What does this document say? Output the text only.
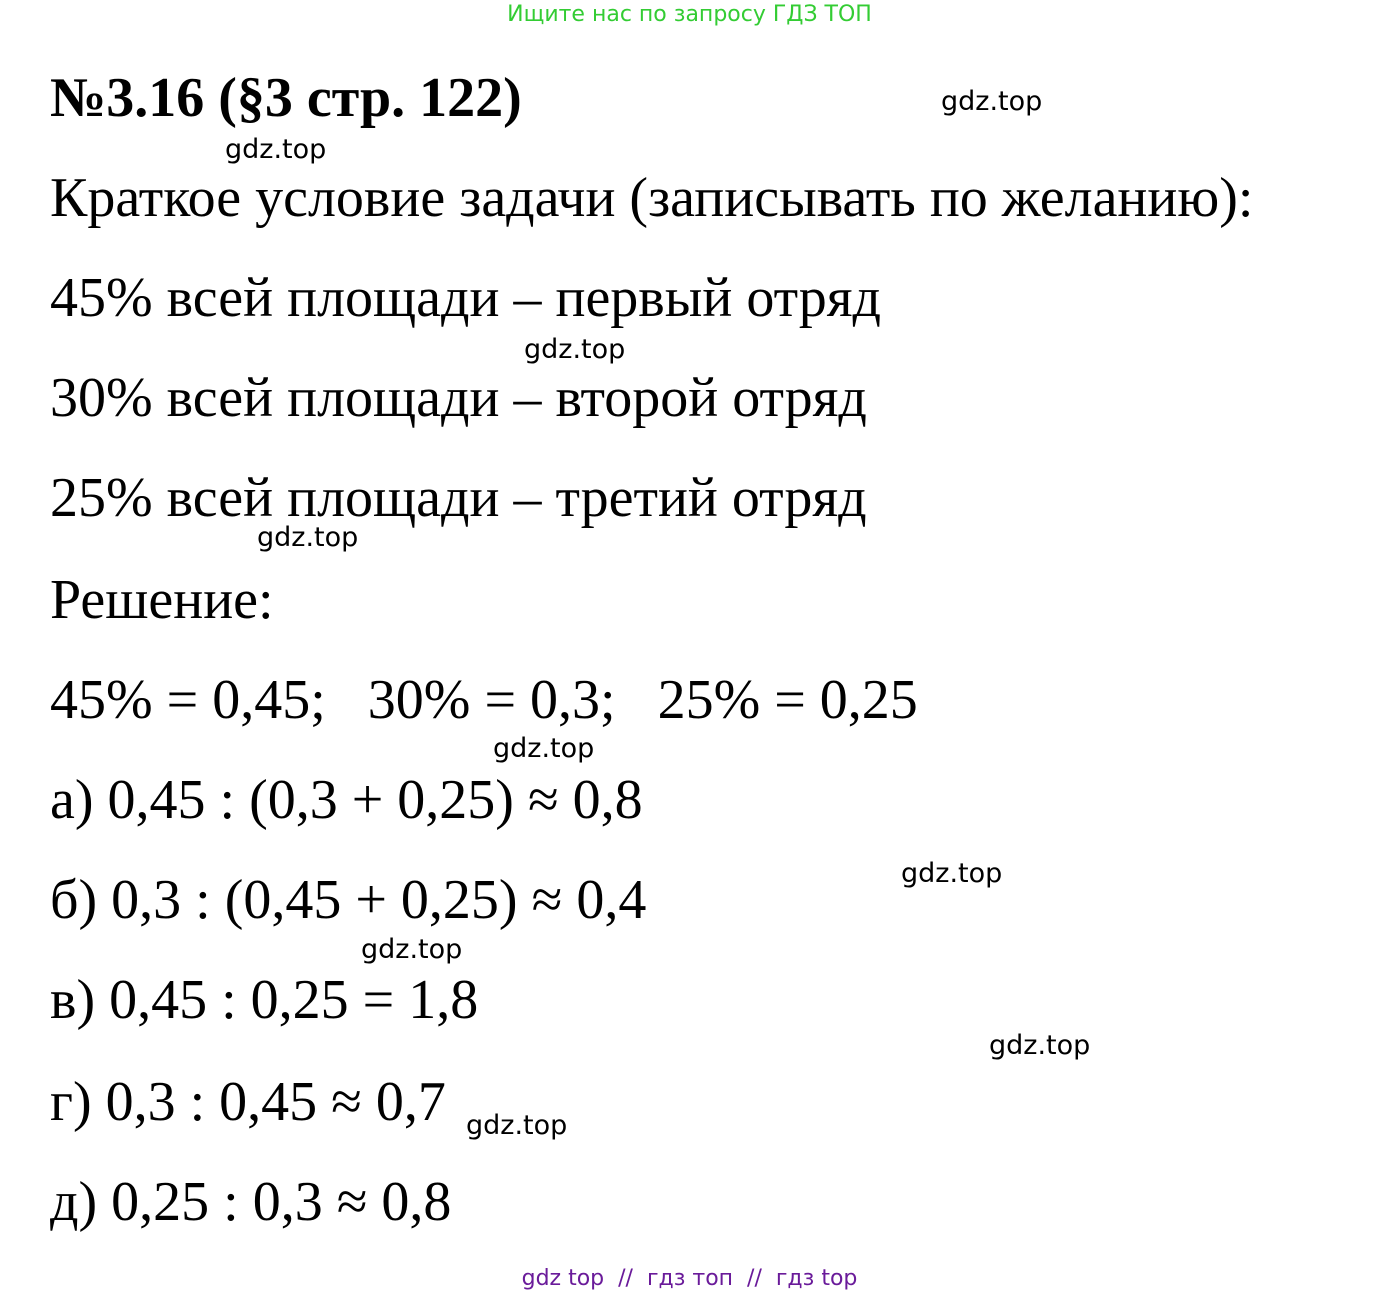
Ищите нас по запросу ГДЗ ТОП
№3.16 (§3 стр. 122)
Краткое условие задачи (записывать по желанию):
45% всей площади – первый отряд
30% всей площади – второй отряд
25% всей площади – третий отряд
Решение:
45% = 0,45;   30% = 0,3;   25% = 0,25
а) 0,45 : (0,3 + 0,25) ≈ 0,8
б) 0,3 : (0,45 + 0,25) ≈ 0,4
в) 0,45 : 0,25 = 1,8
г) 0,3 : 0,45 ≈ 0,7
д) 0,25 : 0,3 ≈ 0,8
gdz.top
gdz.top
gdz.top
gdz.top
gdz.top
gdz.top
gdz.top
gdz.top
gdz.top
gdz top  //  гдз топ  //  гдз top
